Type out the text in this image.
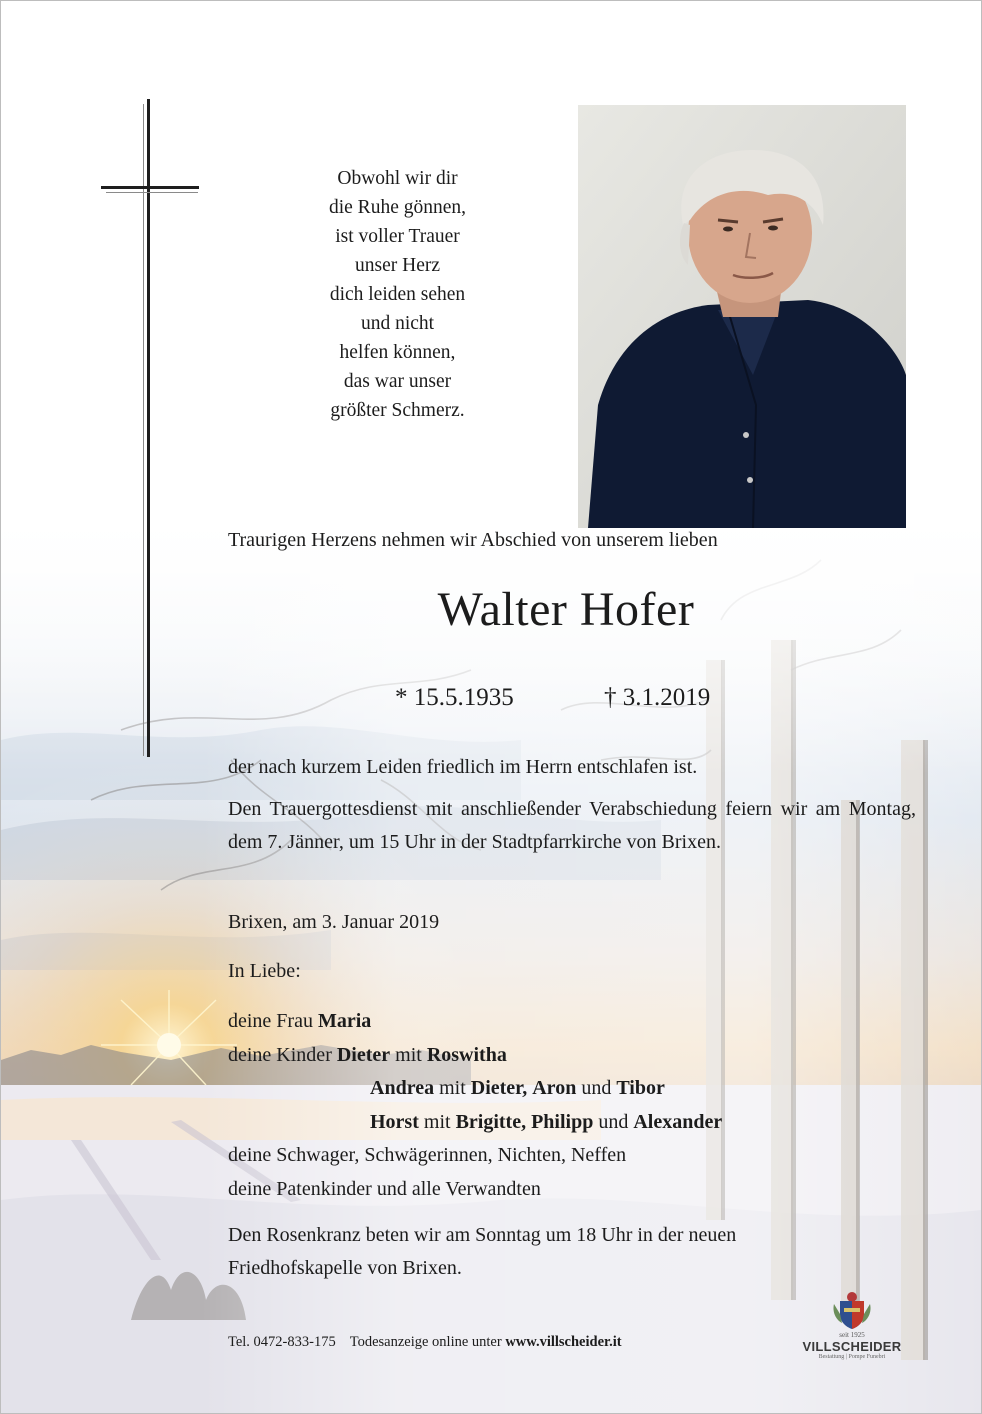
Obwohl wir dir
die Ruhe gönnen,
ist voller Trauer
unser Herz
dich leiden sehen
und nicht
helfen können,
das war unser
größter Schmerz.
Traurigen Herzens nehmen wir Abschied von unserem lieben
Walter Hofer
* 15.5.1935	† 3.1.2019
der nach kurzem Leiden friedlich im Herrn entschlafen ist.
Den Trauergottesdienst mit anschließender Verabschiedung feiern wir am Montag, dem 7. Jänner, um 15 Uhr in der Stadtpfarrkirche von Brixen.
Brixen, am 3. Januar 2019
In Liebe:
deine Frau Maria
deine Kinder Dieter mit Roswitha
Andrea mit Dieter, Aron und Tibor
Horst mit Brigitte, Philipp und Alexander
deine Schwager, Schwägerinnen, Nichten, Neffen
deine Patenkinder und alle Verwandten
Den Rosenkranz beten wir am Sonntag um 18 Uhr in der neuen Friedhofskapelle von Brixen.
Tel. 0472-833-175 Todesanzeige online unter www.villscheider.it	seit 1925
VILLSCHEIDER
Bestattung | Pompe Funebri
